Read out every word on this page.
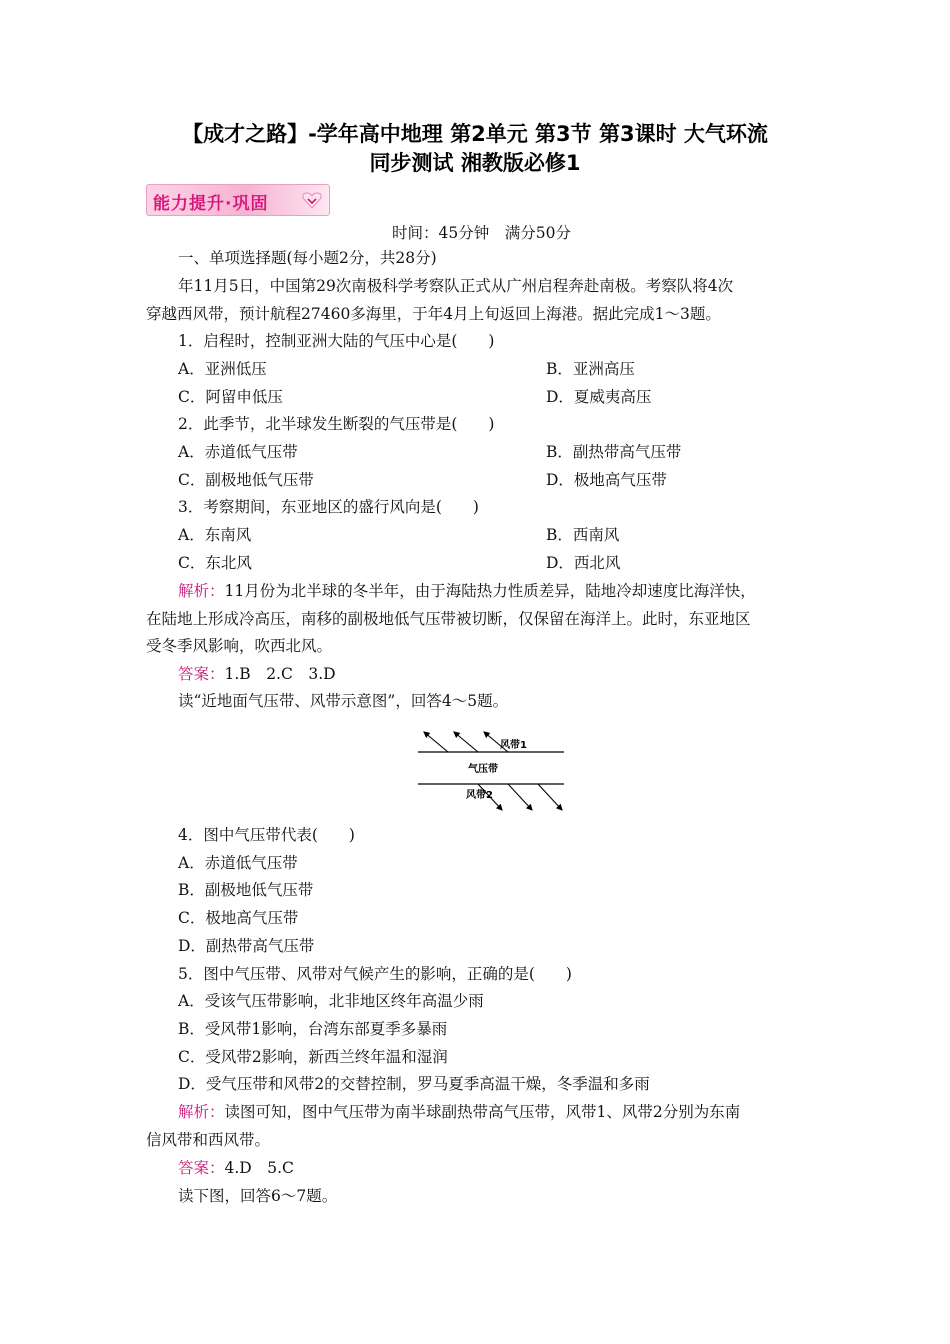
【成才之路】-学年高中地理 第2单元 第3节 第3课时 大气环流
同步测试 湘教版必修1
能力提升·巩固
时间：45分钟　满分50分
一、单项选择题(每小题2分，共28分)
年11月5日，中国第29次南极科学考察队正式从广州启程奔赴南极。考察队将4次
穿越西风带，预计航程27460多海里，于年4月上旬返回上海港。据此完成1～3题。
1．启程时，控制亚洲大陆的气压中心是(　　)
A．亚洲低压	B．亚洲高压
C．阿留申低压	D．夏威夷高压
2．此季节，北半球发生断裂的气压带是(　　)
A．赤道低气压带	B．副热带高气压带
C．副极地低气压带	D．极地高气压带
3．考察期间，东亚地区的盛行风向是(　　)
A．东南风	B．西南风
C．东北风	D．西北风
解析：11月份为北半球的冬半年，由于海陆热力性质差异，陆地冷却速度比海洋快，
在陆地上形成冷高压，南移的副极地低气压带被切断，仅保留在海洋上。此时，东亚地区
受冬季风影响，吹西北风。
答案：1.B　2.C　3.D
读“近地面气压带、风带示意图”，回答4～5题。
风带1
气压带
风带2
4．图中气压带代表(　　)
A．赤道低气压带
B．副极地低气压带
C．极地高气压带
D．副热带高气压带
5．图中气压带、风带对气候产生的影响，正确的是(　　)
A．受该气压带影响，北非地区终年高温少雨
B．受风带1影响，台湾东部夏季多暴雨
C．受风带2影响，新西兰终年温和湿润
D．受气压带和风带2的交替控制，罗马夏季高温干燥，冬季温和多雨
解析：读图可知，图中气压带为南半球副热带高气压带，风带1、风带2分别为东南
信风带和西风带。
答案：4.D　5.C
读下图，回答6～7题。
